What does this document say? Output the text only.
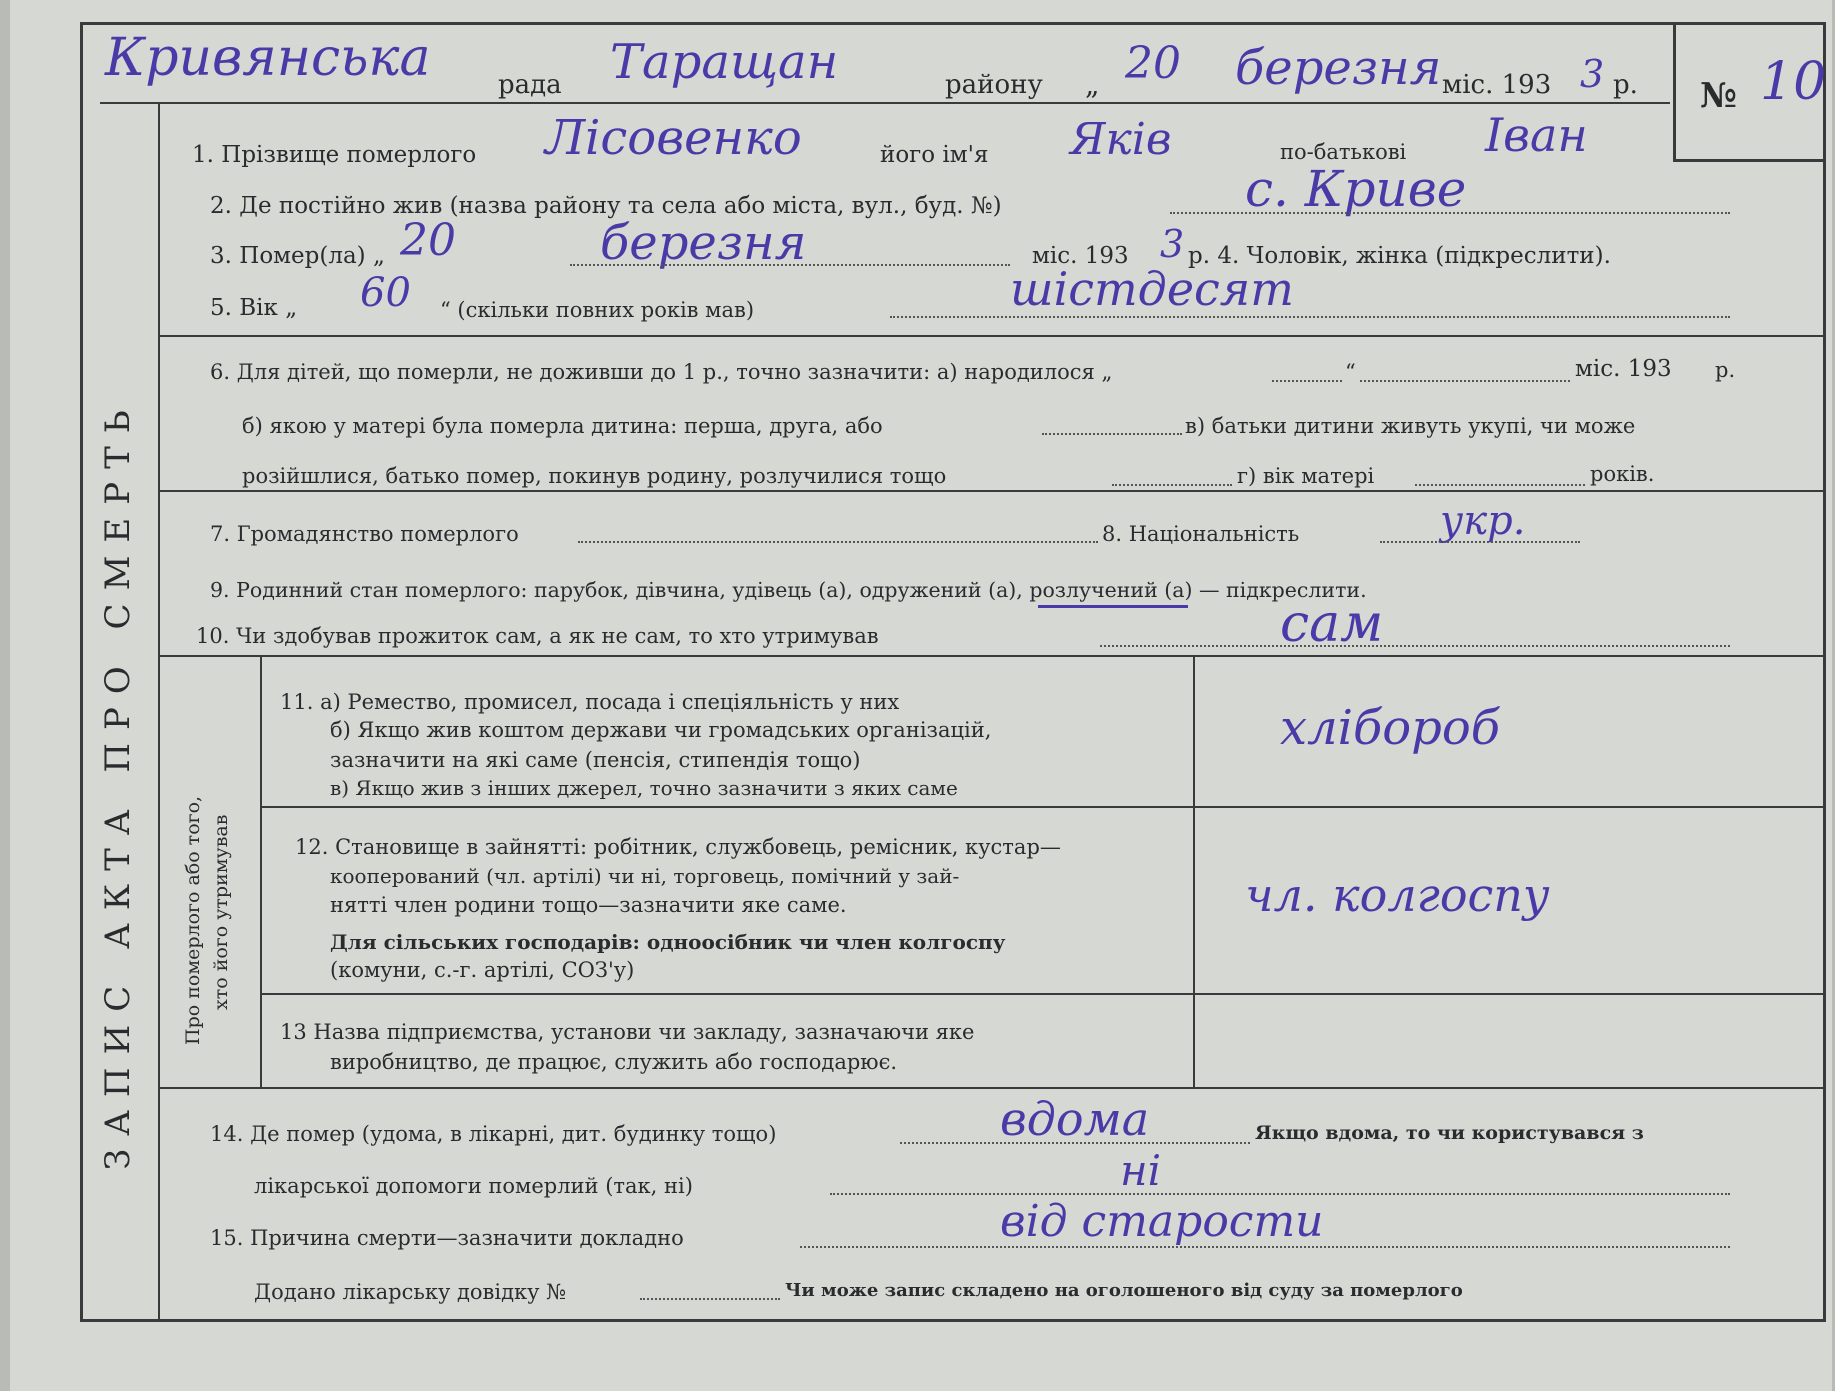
Кривянська	рада Таращан	району „ 20 березня міс. 193 3 р. № 10
ЗАПИС АКТА ПРО СМЕРТЬ
1. Прізвище померлого Лісовенко	його ім'я Яків	по-батькові Іван
2. Де постійно жив (назва району та села або міста, вул., буд. №)	с. Криве
3. Помер(ла) „ 20	березня	міс. 193 3 р. 4. Чоловік, жінка (підкреслити).
5. Вік „ 60 “ (скільки повних років мав)	шістдесят
6. Для дітей, що померли, не доживши до 1 р., точно зазначити: а) народилося „	“	міс. 193 р.
б) якою у матері була померла дитина: перша, друга, або	в) батьки дитини живуть укупі, чи може
розійшлися, батько помер, покинув родину, розлучилися тощо	г) вік матері	років.
7. Громадянство померлого	8. Національність	укр.
9. Родинний стан померлого: парубок, дівчина, удівець (а), одружений (а), розлучений (а) — підкреслити.
10. Чи здобував прожиток сам, а як не сам, то хто утримував	сам
Про померлого або того, хто його утримував
11. а) Ремество, промисел, посада і спеціяльність у них
б) Якщо жив коштом держави чи громадських організацій,
зазначити на які саме (пенсія, стипендія тощо)
в) Якщо жив з інших джерел, точно зазначити з яких саме
хлібороб
12. Становище в зайнятті: робітник, службовець, ремісник, кустар—
кооперований (чл. артілі) чи ні, торговець, помічний у зай-
нятті член родини тощо—зазначити яке саме.
Для сільських господарів: одноосібник чи член колгоспу
(комуни, с.-г. артілі, СОЗ'у)
чл. колгоспу
13 Назва підприємства, установи чи закладу, зазначаючи яке
виробництво, де працює, служить або господарює.
14. Де помер (удома, в лікарні, дит. будинку тощо)	вдома	Якщо вдома, то чи користувався з
лікарської допомоги померлий (так, ні)	ні
15. Причина смерти—зазначити докладно	від старости
Додано лікарську довідку №	Чи може запис складено на оголошеного від суду за померлого
